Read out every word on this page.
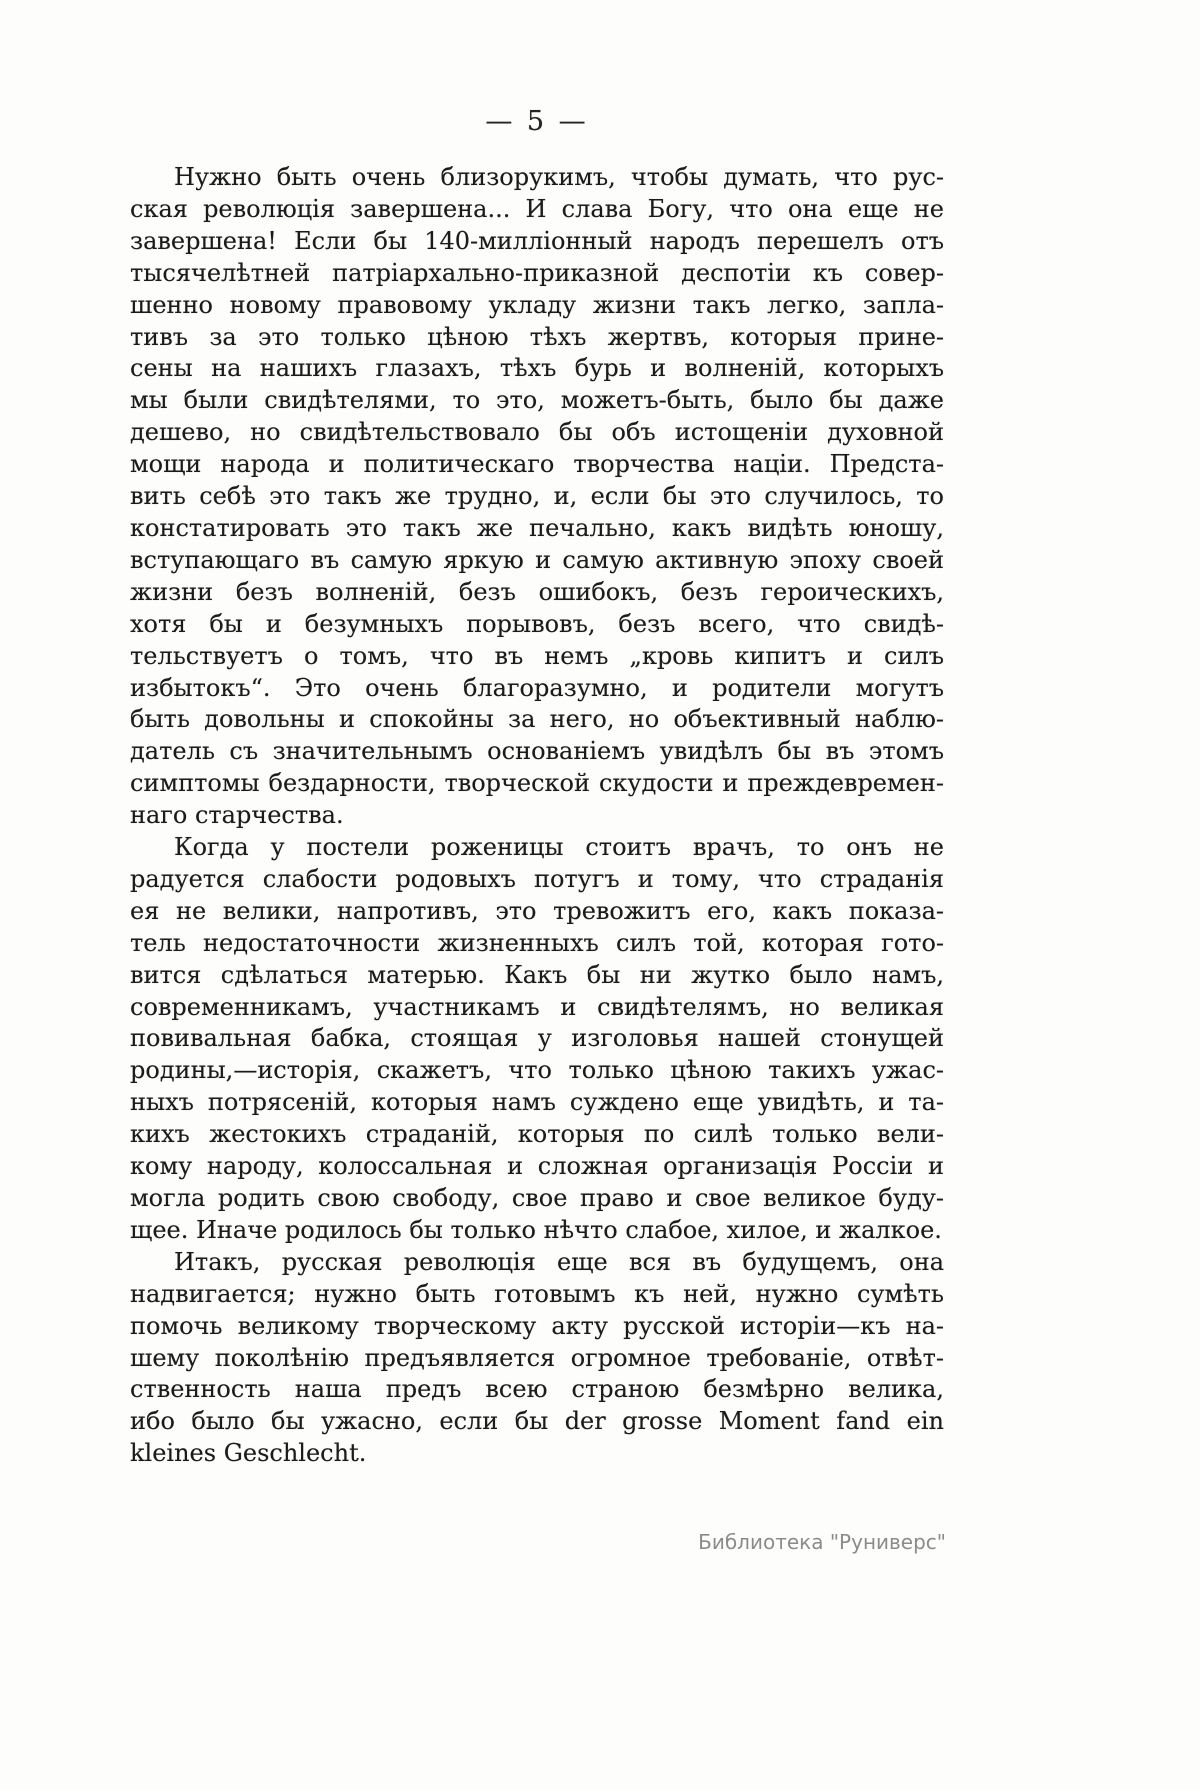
— 5 —
Нужно быть очень близорукимъ, чтобы думать, что рус-
ская революція завершена... И слава Богу, что она еще не
завершена! Если бы 140-милліонный народъ перешелъ отъ
тысячелѣтней патріархально-приказной деспотіи къ совер-
шенно новому правовому укладу жизни такъ легко, запла-
тивъ за это только цѣною тѣхъ жертвъ, которыя прине-
сены на нашихъ глазахъ, тѣхъ бурь и волненій, которыхъ
мы были свидѣтелями, то это, можетъ-быть, было бы даже
дешево, но свидѣтельствовало бы объ истощеніи духовной
мощи народа и политическаго творчества націи. Предста-
вить себѣ это такъ же трудно, и, если бы это случилось, то
констатировать это такъ же печально, какъ видѣть юношу,
вступающаго въ самую яркую и самую активную эпоху своей
жизни безъ волненій, безъ ошибокъ, безъ героическихъ,
хотя бы и безумныхъ порывовъ, безъ всего, что свидѣ-
тельствуетъ о томъ, что въ немъ „кровь кипитъ и силъ
избытокъ“. Это очень благоразумно, и родители могутъ
быть довольны и спокойны за него, но объективный наблю-
датель съ значительнымъ основаніемъ увидѣлъ бы въ этомъ
симптомы бездарности, творческой скудости и преждевремен-
наго старчества.
Когда у постели роженицы стоитъ врачъ, то онъ не
радуется слабости родовыхъ потугъ и тому, что страданія
ея не велики, напротивъ, это тревожитъ его, какъ показа-
тель недостаточности жизненныхъ силъ той, которая гото-
вится сдѣлаться матерью. Какъ бы ни жутко было намъ,
современникамъ, участникамъ и свидѣтелямъ, но великая
повивальная бабка, стоящая у изголовья нашей стонущей
родины,—исторія, скажетъ, что только цѣною такихъ ужас-
ныхъ потрясеній, которыя намъ суждено еще увидѣть, и та-
кихъ жестокихъ страданій, которыя по силѣ только вели-
кому народу, колоссальная и сложная организація Россіи и
могла родить свою свободу, свое право и свое великое буду-
щее. Иначе родилось бы только нѣчто слабое, хилое, и жалкое.
Итакъ, русская революція еще вся въ будущемъ, она
надвигается; нужно быть готовымъ къ ней, нужно сумѣть
помочь великому творческому акту русской исторіи—къ на-
шему поколѣнію предъявляется огромное требованіе, отвѣт-
ственность наша предъ всею страною безмѣрно велика,
ибо было бы ужасно, если бы der grosse Moment fand ein
kleines Geschlecht.
Библиотека "Руниверс"
